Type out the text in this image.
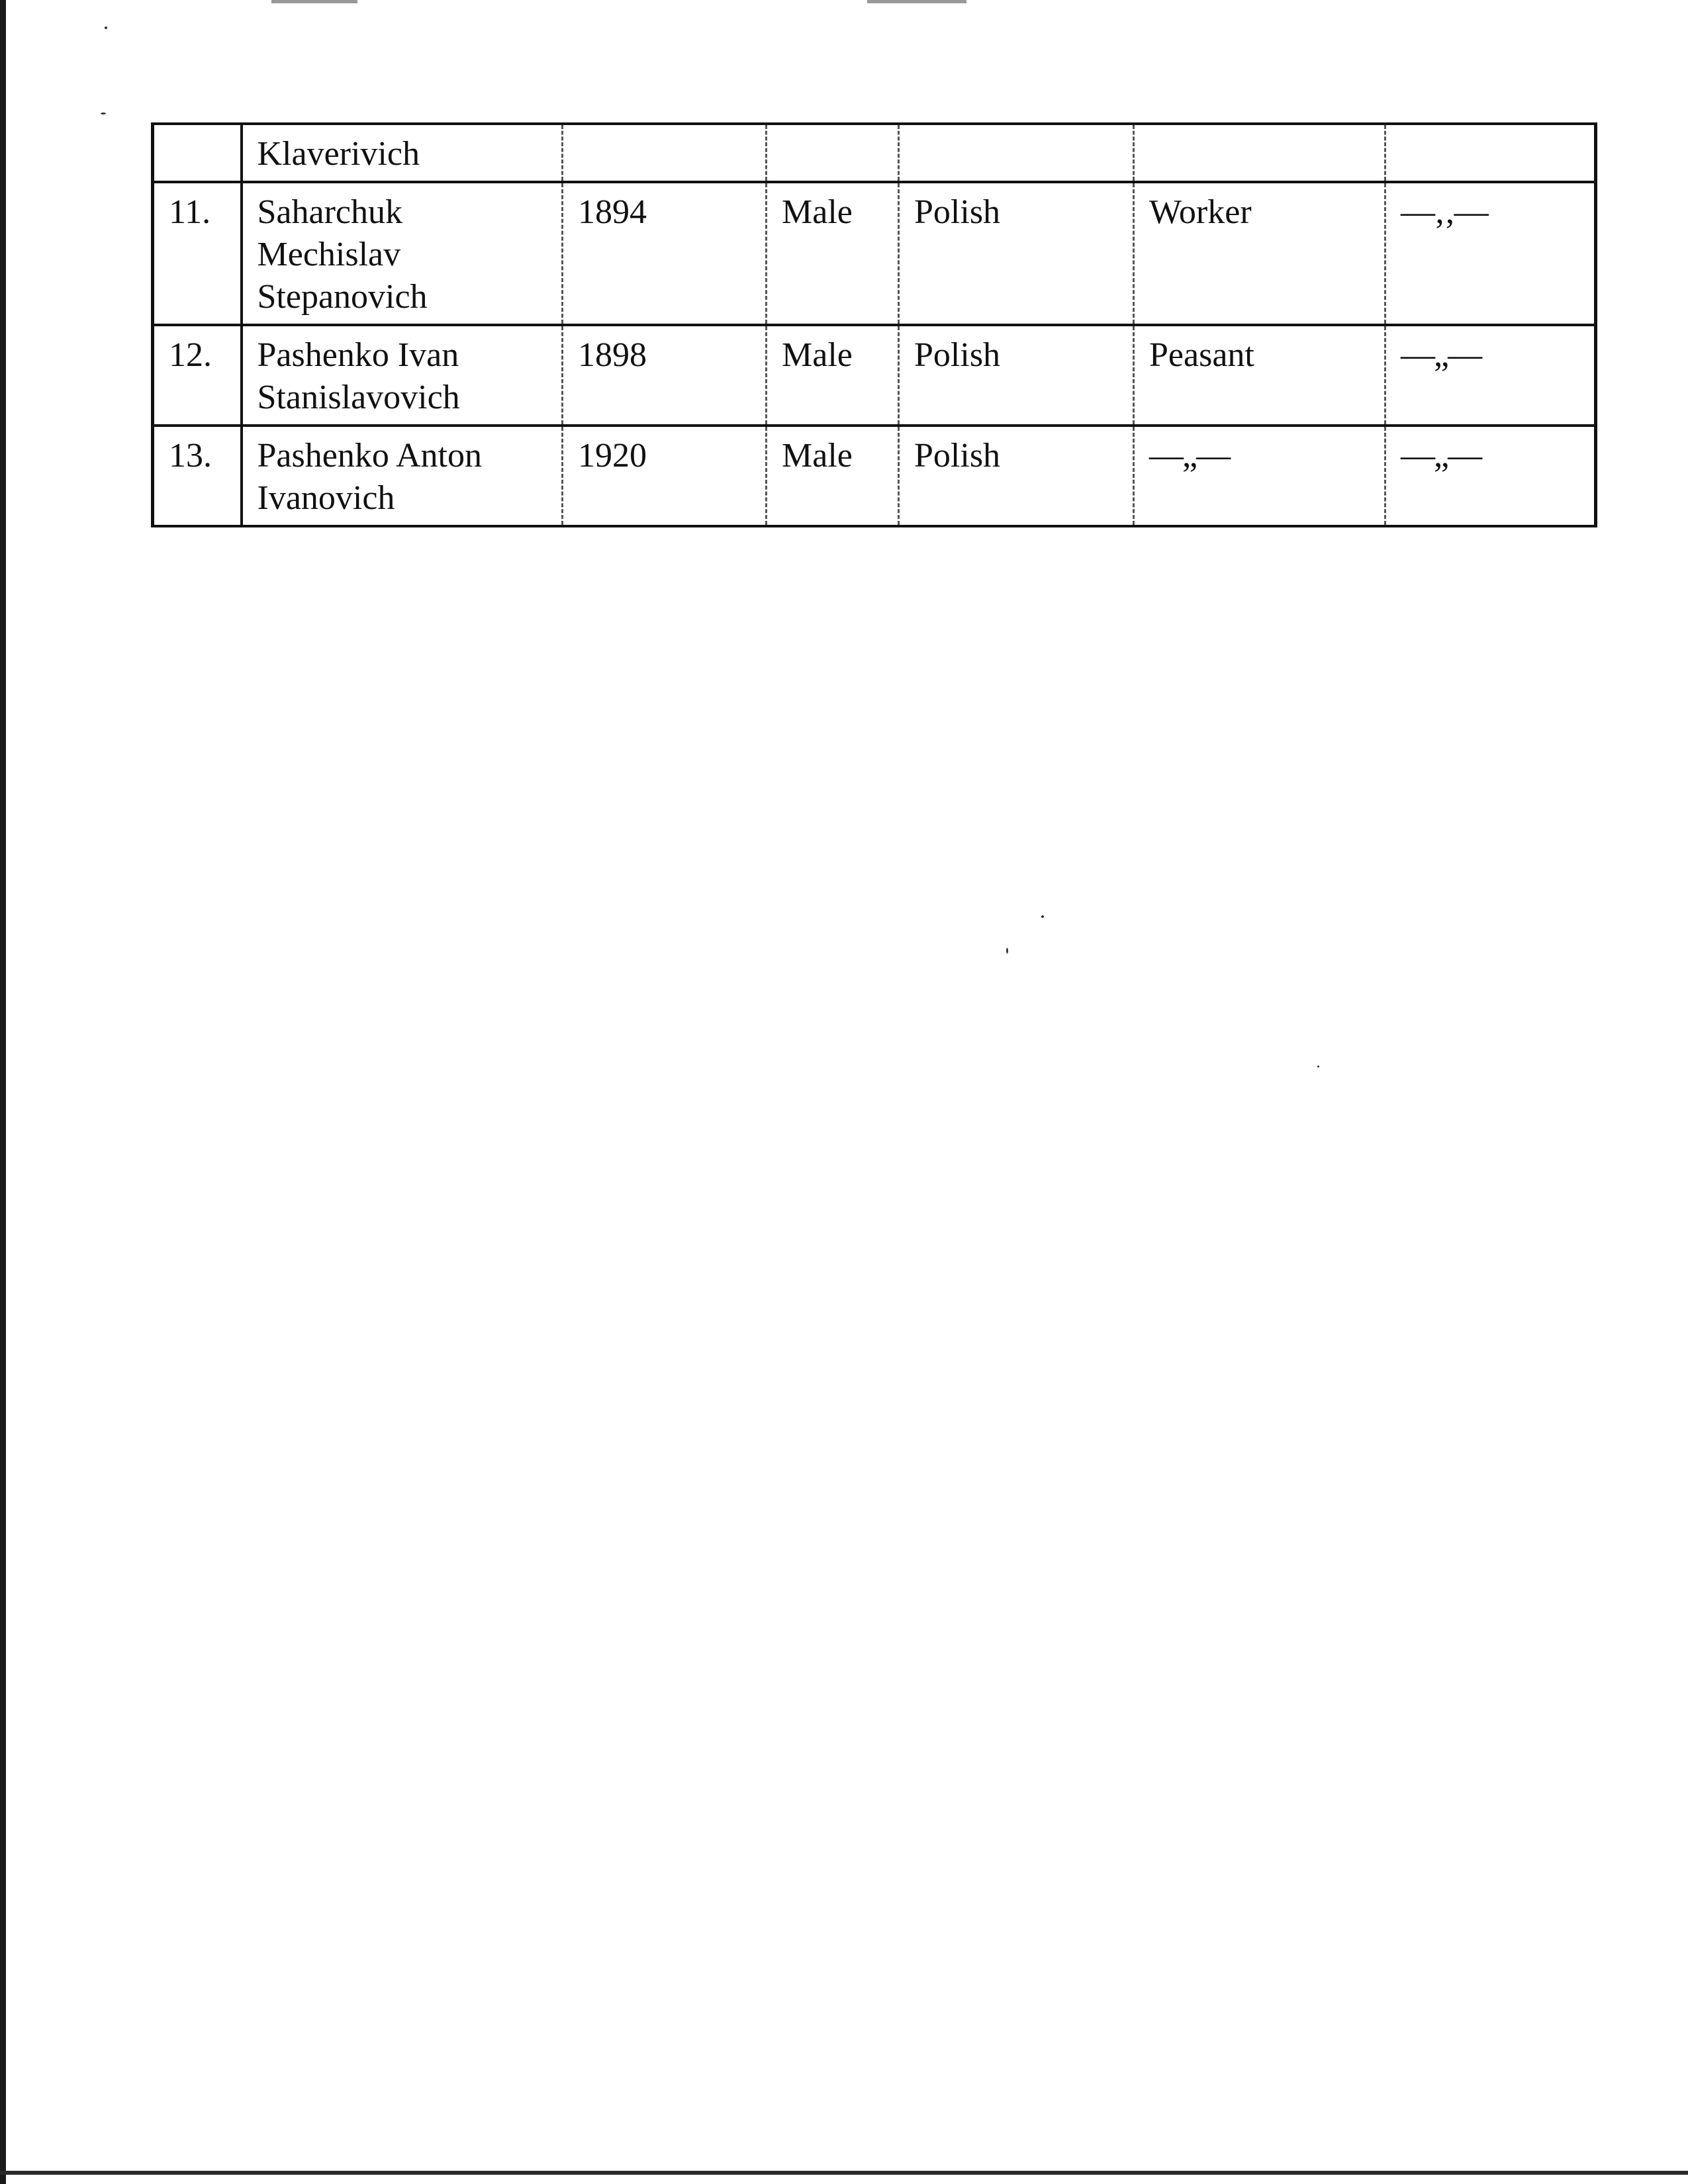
	Klaverivich					
11.	Saharchuk
Mechislav
Stepanovich	1894	Male	Polish	Worker	—‚‚—
12.	Pashenko Ivan
Stanislavovich	1898	Male	Polish	Peasant	—„—
13.	Pashenko Anton
Ivanovich	1920	Male	Polish	—„—	—„—
